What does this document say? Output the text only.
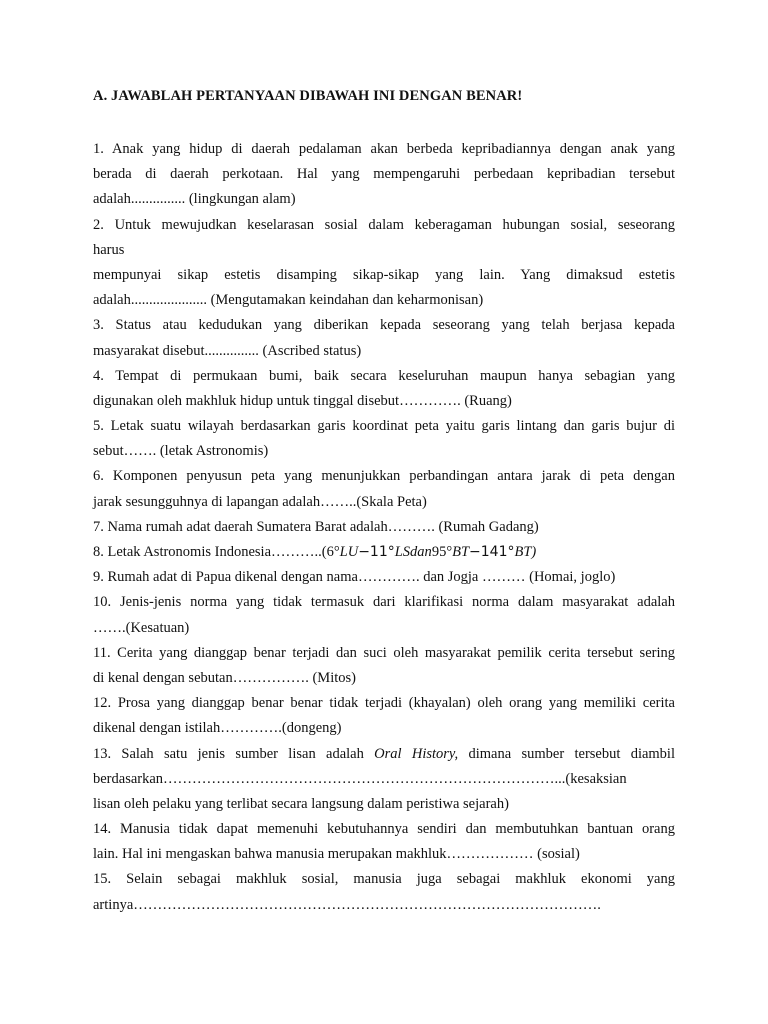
A. JAWABLAH PERTANYAAN DIBAWAH INI DENGAN BENAR!
1. Anak yang hidup di daerah pedalaman akan berbeda kepribadiannya dengan anak yang
berada di daerah perkotaan. Hal yang mempengaruhi perbedaan kepribadian tersebut
adalah............... (lingkungan alam)
2. Untuk mewujudkan keselarasan sosial dalam keberagaman hubungan sosial, seseorang
harus
mempunyai sikap estetis disamping sikap-sikap yang lain. Yang dimaksud estetis
adalah..................... (Mengutamakan keindahan dan keharmonisan)
3. Status atau kedudukan yang diberikan kepada seseorang yang telah berjasa kepada
masyarakat disebut............... (Ascribed status)
4. Tempat di permukaan bumi, baik secara keseluruhan maupun hanya sebagian yang
digunakan oleh makhluk hidup untuk tinggal disebut…………. (Ruang)
5. Letak suatu wilayah berdasarkan garis koordinat peta yaitu garis lintang dan garis bujur di
sebut……. (letak Astronomis)
6. Komponen penyusun peta yang menunjukkan perbandingan antara jarak di peta dengan
jarak sesungguhnya di lapangan adalah……..(Skala Peta)
7. Nama rumah adat daerah Sumatera Barat adalah………. (Rumah Gadang)
8. Letak Astronomis Indonesia………..(6°LU−11°LSdan95°BT−141°BT)
9. Rumah adat di Papua dikenal dengan nama…………. dan Jogja ……… (Homai, joglo)
10. Jenis-jenis norma yang tidak termasuk dari klarifikasi norma dalam masyarakat adalah
…….(Kesatuan)
11. Cerita yang dianggap benar terjadi dan suci oleh masyarakat pemilik cerita tersebut sering
di kenal dengan sebutan……………. (Mitos)
12. Prosa yang dianggap benar benar tidak terjadi (khayalan) oleh orang yang memiliki cerita
dikenal dengan istilah………….(dongeng)
13. Salah satu jenis sumber lisan adalah Oral History, dimana sumber tersebut diambil
berdasarkan………………………………………………………………………...(kesaksian
lisan oleh pelaku yang terlibat secara langsung dalam peristiwa sejarah)
14. Manusia tidak dapat memenuhi kebutuhannya sendiri dan membutuhkan bantuan orang
lain. Hal ini mengaskan bahwa manusia merupakan makhluk……………… (sosial)
15. Selain sebagai makhluk sosial, manusia juga sebagai makhluk ekonomi yang
artinya…………………………………………………………………………………….
